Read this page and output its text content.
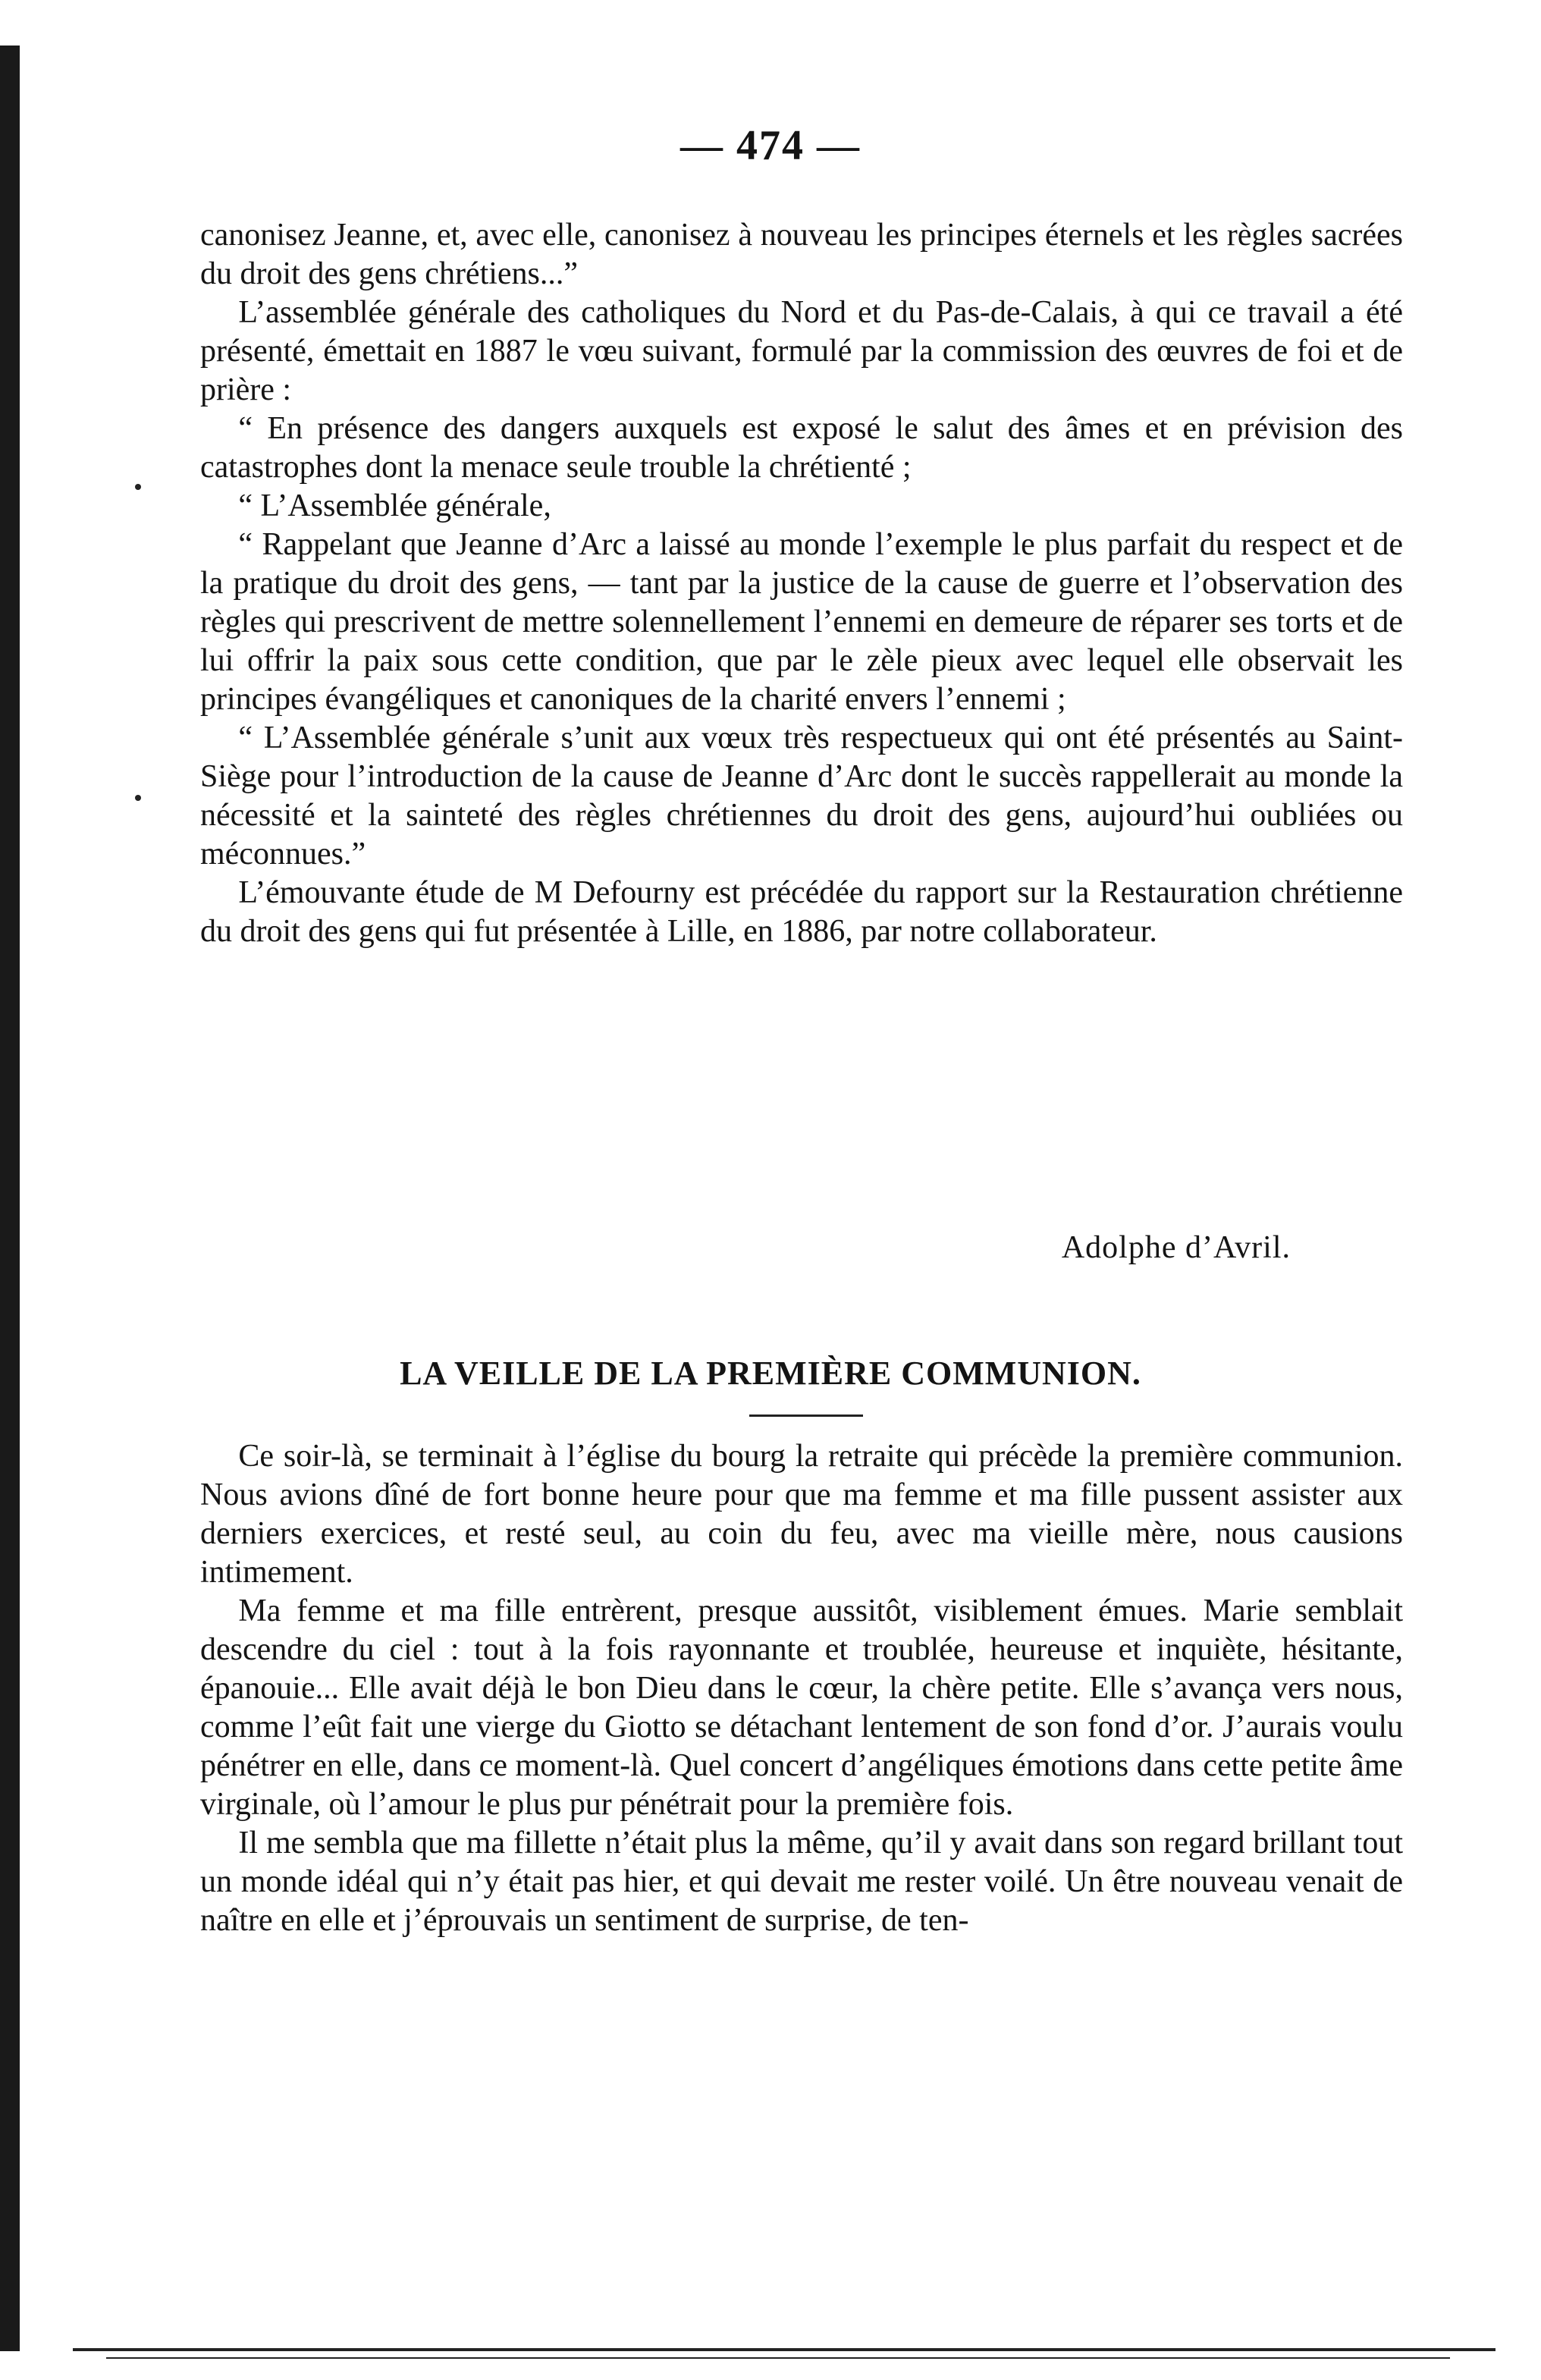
— 474 —

canonisez Jeanne, et, avec elle, canonisez à nouveau les principes éternels et les règles sacrées du droit des gens chrétiens...”

L’assemblée générale des catholiques du Nord et du Pas-de-Calais, à qui ce travail a été présenté, émettait en 1887 le vœu suivant, formulé par la commission des œuvres de foi et de prière :

“ En présence des dangers auxquels est exposé le salut des âmes et en prévision des catastrophes dont la menace seule trouble la chrétienté ;

“ L’Assemblée générale,

“ Rappelant que Jeanne d’Arc a laissé au monde l’exemple le plus parfait du respect et de la pratique du droit des gens, — tant par la justice de la cause de guerre et l’observation des règles qui prescrivent de mettre solennellement l’ennemi en demeure de réparer ses torts et de lui offrir la paix sous cette condition, que par le zèle pieux avec lequel elle observait les principes évangéliques et canoniques de la charité envers l’ennemi ;

“ L’Assemblée générale s’unit aux vœux très respectueux qui ont été présentés au Saint-Siège pour l’introduction de la cause de Jeanne d’Arc dont le succès rappellerait au monde la nécessité et la sainteté des règles chrétiennes du droit des gens, aujourd’hui oubliées ou méconnues.”

L’émouvante étude de M Defourny est précédée du rapport sur la Restauration chrétienne du droit des gens qui fut présentée à Lille, en 1886, par notre collaborateur.

Adolphe d’Avril.
LA VEILLE DE LA PREMIÈRE COMMUNION.

Ce soir-là, se terminait à l’église du bourg la retraite qui précède la première communion. Nous avions dîné de fort bonne heure pour que ma femme et ma fille pussent assister aux derniers exercices, et resté seul, au coin du feu, avec ma vieille mère, nous causions intimement.

Ma femme et ma fille entrèrent, presque aussitôt, visiblement émues. Marie semblait descendre du ciel : tout à la fois rayonnante et troublée, heureuse et inquiète, hésitante, épanouie... Elle avait déjà le bon Dieu dans le cœur, la chère petite. Elle s’avança vers nous, comme l’eût fait une vierge du Giotto se détachant lentement de son fond d’or. J’aurais voulu pénétrer en elle, dans ce moment-là. Quel concert d’angéliques émotions dans cette petite âme virginale, où l’amour le plus pur pénétrait pour la première fois.

Il me sembla que ma fillette n’était plus la même, qu’il y avait dans son regard brillant tout un monde idéal qui n’y était pas hier, et qui devait me rester voilé. Un être nouveau venait de naître en elle et j’éprouvais un sentiment de surprise, de ten-
